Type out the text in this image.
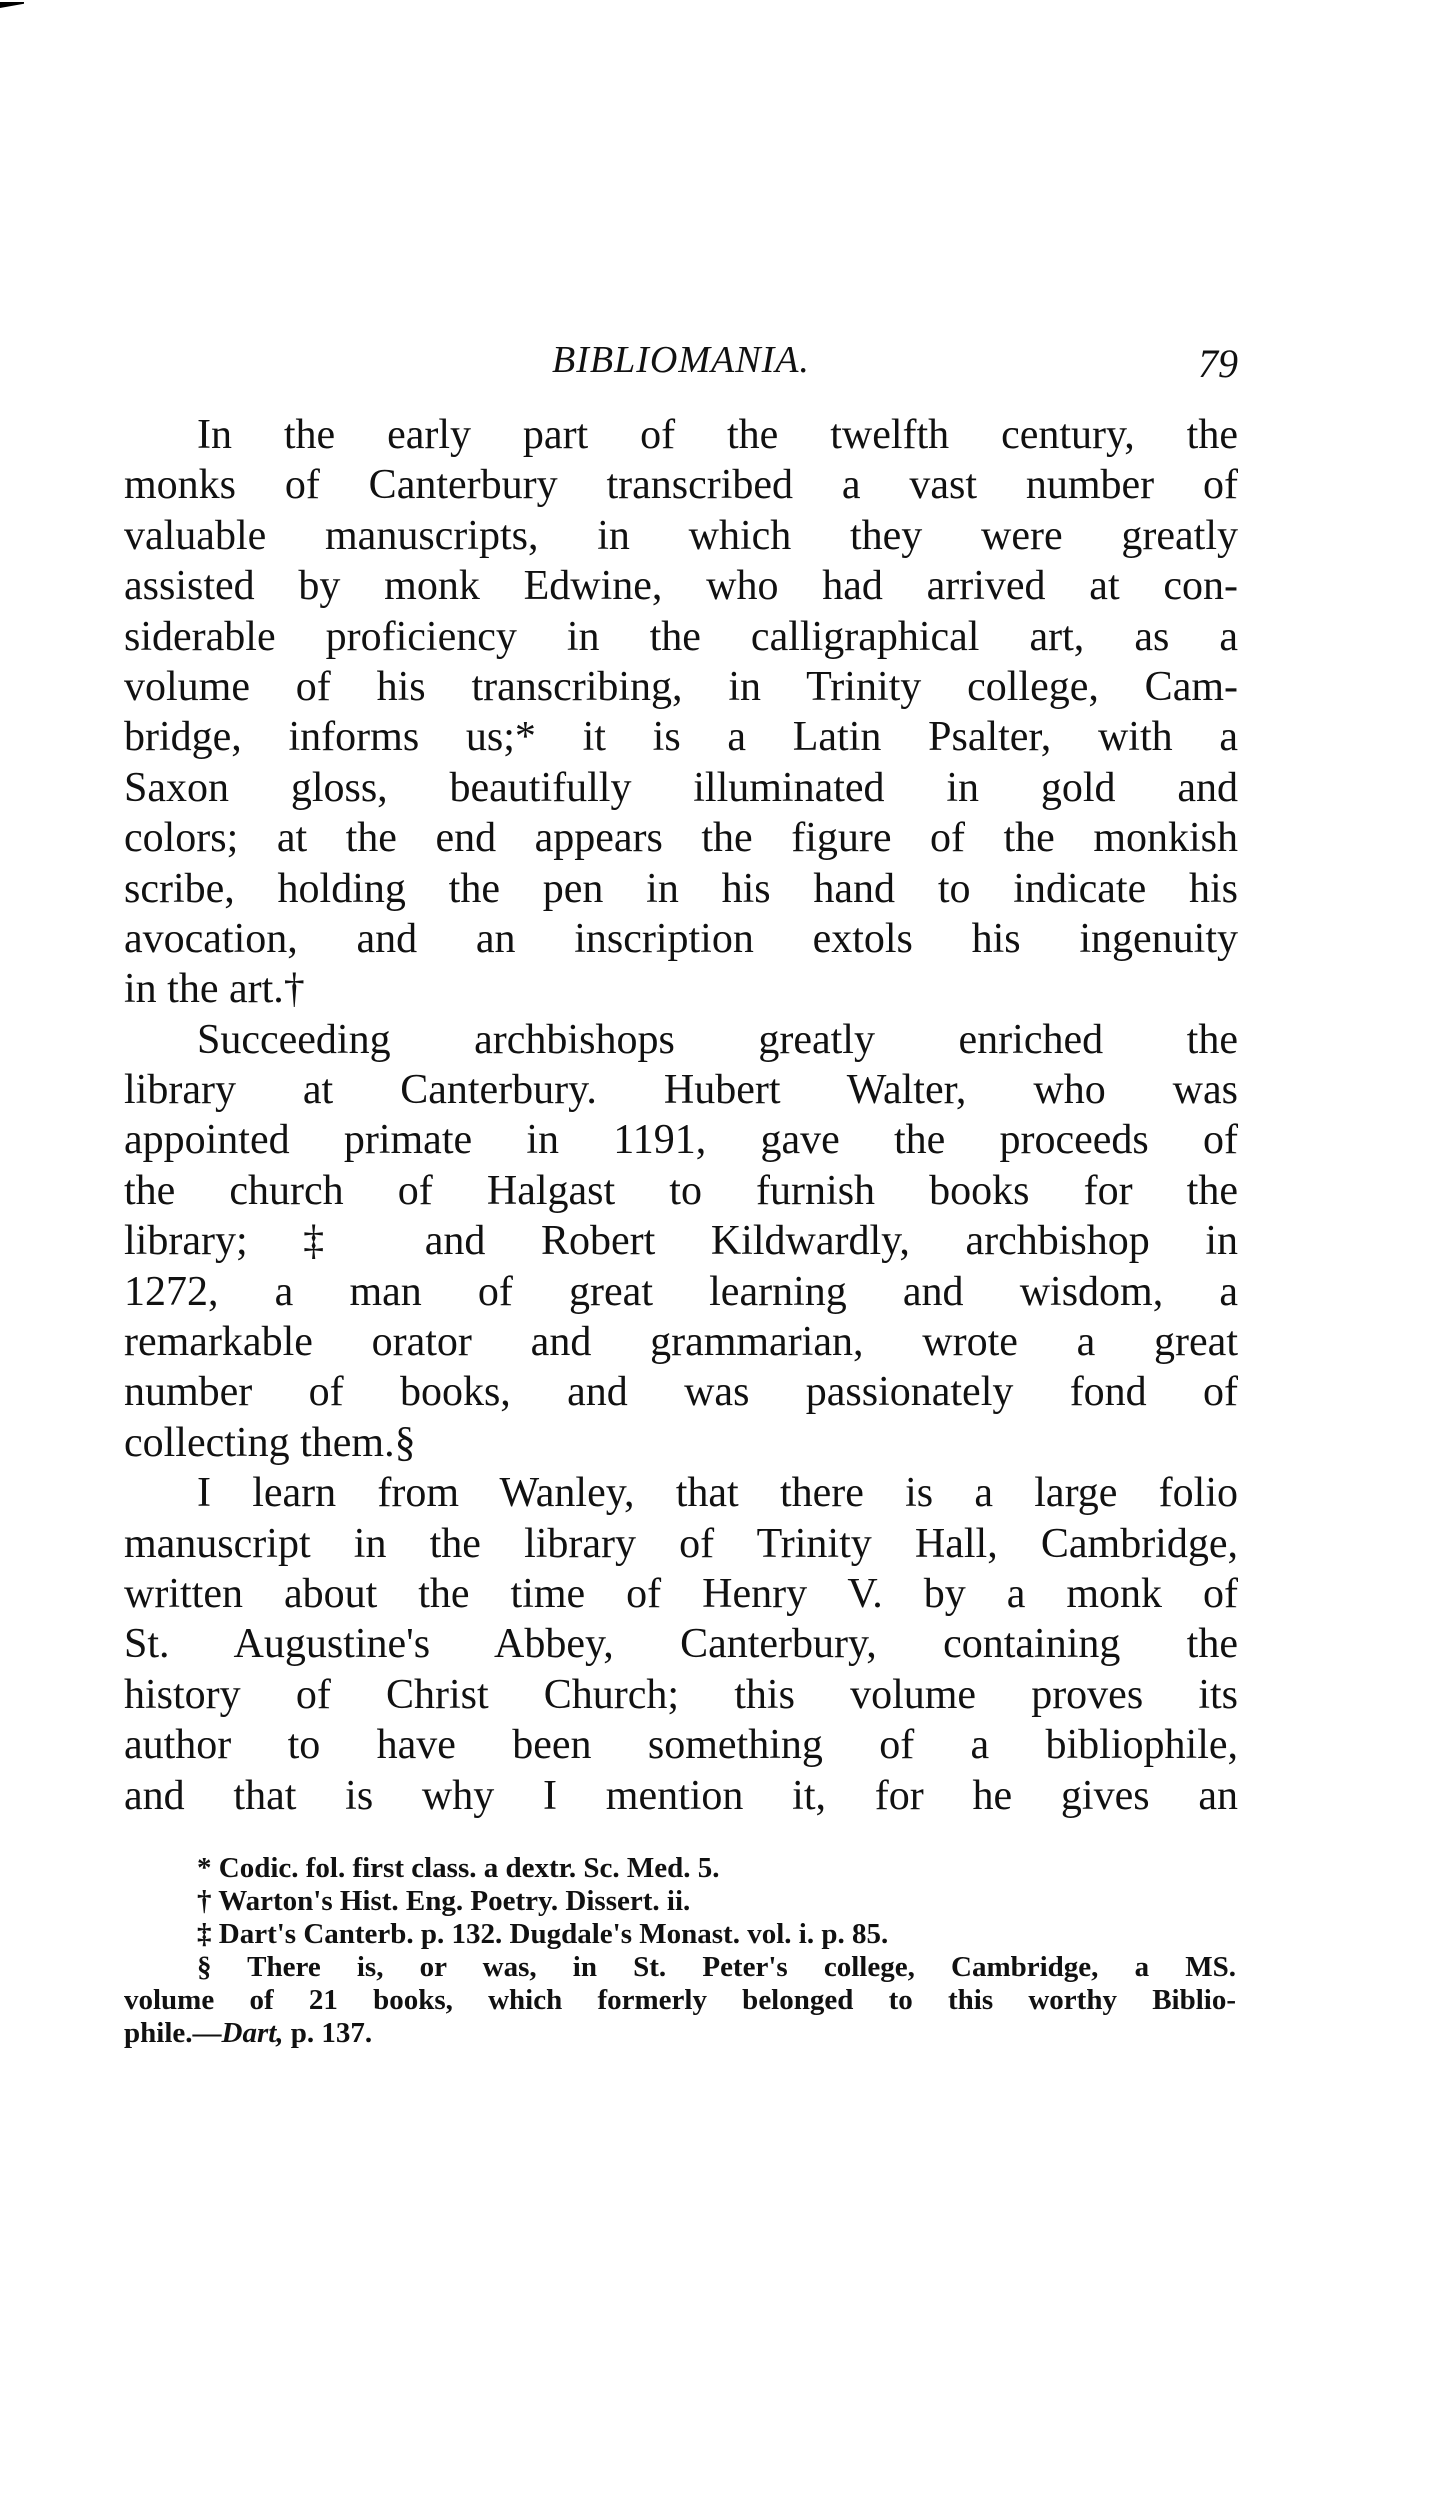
BIBLIOMANIA.	79
In the early part of the twelfth century, the
monks of Canterbury transcribed a vast number of
valuable manuscripts, in which they were greatly
assisted by monk Edwine, who had arrived at con-
siderable proficiency in the calligraphical art, as a
volume of his transcribing, in Trinity college, Cam-
bridge, informs us;* it is a Latin Psalter, with a
Saxon gloss, beautifully illuminated in gold and
colors; at the end appears the figure of the monkish
scribe, holding the pen in his hand to indicate his
avocation, and an inscription extols his ingenuity
in the art.†
Succeeding archbishops greatly enriched the
library at Canterbury. Hubert Walter, who was
appointed primate in 1191, gave the proceeds of
the church of Halgast to furnish books for the
library; ‡ and Robert Kildwardly, archbishop in
1272, a man of great learning and wisdom, a
remarkable orator and grammarian, wrote a great
number of books, and was passionately fond of
collecting them.§
I learn from Wanley, that there is a large folio
manuscript in the library of Trinity Hall, Cambridge,
written about the time of Henry V. by a monk of
St. Augustine's Abbey, Canterbury, containing the
history of Christ Church; this volume proves its
author to have been something of a bibliophile,
and that is why I mention it, for he gives an
* Codic. fol. first class. a dextr. Sc. Med. 5.
† Warton's Hist. Eng. Poetry. Dissert. ii.
‡ Dart's Canterb. p. 132. Dugdale's Monast. vol. i. p. 85.
§ There is, or was, in St. Peter's college, Cambridge, a MS.
volume of 21 books, which formerly belonged to this worthy Biblio-
phile.—Dart, p. 137.
